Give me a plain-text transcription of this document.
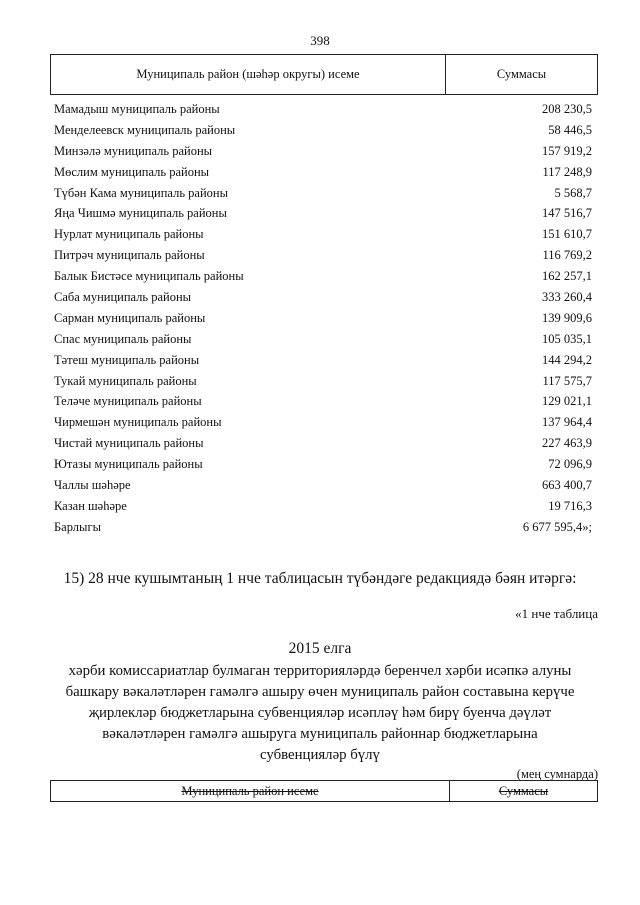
398
Муниципаль район (шәһәр округы) исеме	Суммасы
Мамадыш муниципаль районы	208 230,5
Менделеевск муниципаль районы	58 446,5
Минзәлә муниципаль районы	157 919,2
Мөслим муниципаль районы	117 248,9
Түбән Кама муниципаль районы	5 568,7
Яңа Чишмә муниципаль районы	147 516,7
Нурлат муниципаль районы	151 610,7
Питрәч муниципаль районы	116 769,2
Балык Бистәсе муниципаль районы	162 257,1
Саба муниципаль районы	333 260,4
Сарман муниципаль районы	139 909,6
Спас муниципаль районы	105 035,1
Тәтеш муниципаль районы	144 294,2
Тукай муниципаль районы	117 575,7
Теләче муниципаль районы	129 021,1
Чирмешән муниципаль районы	137 964,4
Чистай муниципаль районы	227 463,9
Ютазы муниципаль районы	72 096,9
Чаллы шәһәре	663 400,7
Казан шәһәре	19 716,3
Барлыгы	6 677 595,4»;
15) 28 нче кушымтаның 1 нче таблицасын түбәндәге редакциядә бәян итәргә:
«1 нче таблица
2015 елга
хәрби комиссариатлар булмаган территорияләрдә беренчел хәрби исәпкә алуны
башкару вәкаләтләрен гамәлгә ашыру өчен муниципаль район составына керүче
җирлекләр бюджетларына субвенцияләр исәпләү һәм бирү буенча дәүләт
вәкаләтләрен гамәлгә ашыруга муниципаль районнар бюджетларына
субвенцияләр бүлү
(мең сумнарда)
Муниципаль район исеме	Суммасы
